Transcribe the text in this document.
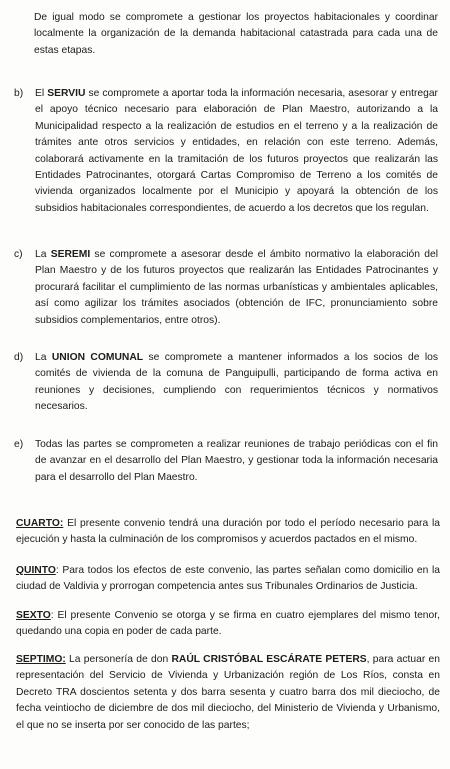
De igual modo se compromete a gestionar los proyectos habitacionales y coordinar localmente la organización de la demanda habitacional catastrada para cada una de estas etapas.

b)	El SERVIU se compromete a aportar toda la información necesaria, asesorar y entregar el apoyo técnico necesario para elaboración de Plan Maestro, autorizando a la Municipalidad respecto a la realización de estudios en el terreno y a la realización de trámites ante otros servicios y entidades, en relación con este terreno. Además, colaborará activamente en la tramitación de los futuros proyectos que realizarán las Entidades Patrocinantes, otorgará Cartas Compromiso de Terreno a los comités de vivienda organizados localmente por el Municipio y apoyará la obtención de los subsidios habitacionales correspondientes, de acuerdo a los decretos que los regulan.

c)	La SEREMI se compromete a asesorar desde el ámbito normativo la elaboración del Plan Maestro y de los futuros proyectos que realizarán las Entidades Patrocinantes y procurará facilitar el cumplimiento de las normas urbanísticas y ambientales aplicables, así como agilizar los trámites asociados (obtención de IFC, pronunciamiento sobre subsidios complementarios, entre otros).

d)	La UNION COMUNAL se compromete a mantener informados a los socios de los comités de vivienda de la comuna de Panguipulli, participando de forma activa en reuniones y decisiones, cumpliendo con requerimientos técnicos y normativos necesarios.

e)	Todas las partes se comprometen a realizar reuniones de trabajo periódicas con el fin de avanzar en el desarrollo del Plan Maestro, y gestionar toda la información necesaria para el desarrollo del Plan Maestro.

CUARTO: El presente convenio tendrá una duración por todo el período necesario para la ejecución y hasta la culminación de los compromisos y acuerdos pactados en el mismo.

QUINTO: Para todos los efectos de este convenio, las partes señalan como domicilio en la ciudad de Valdivia y prorrogan competencia antes sus Tribunales Ordinarios de Justicia.

SEXTO: El presente Convenio se otorga y se firma en cuatro ejemplares del mismo tenor, quedando una copia en poder de cada parte.

SEPTIMO: La personería de don RAÚL CRISTÓBAL ESCÁRATE PETERS, para actuar en representación del Servicio de Vivienda y Urbanización región de Los Ríos, consta en Decreto TRA doscientos setenta y dos barra sesenta y cuatro barra dos mil dieciocho, de fecha veintiocho de diciembre de dos mil dieciocho, del Ministerio de Vivienda y Urbanismo, el que no se inserta por ser conocido de las partes;
